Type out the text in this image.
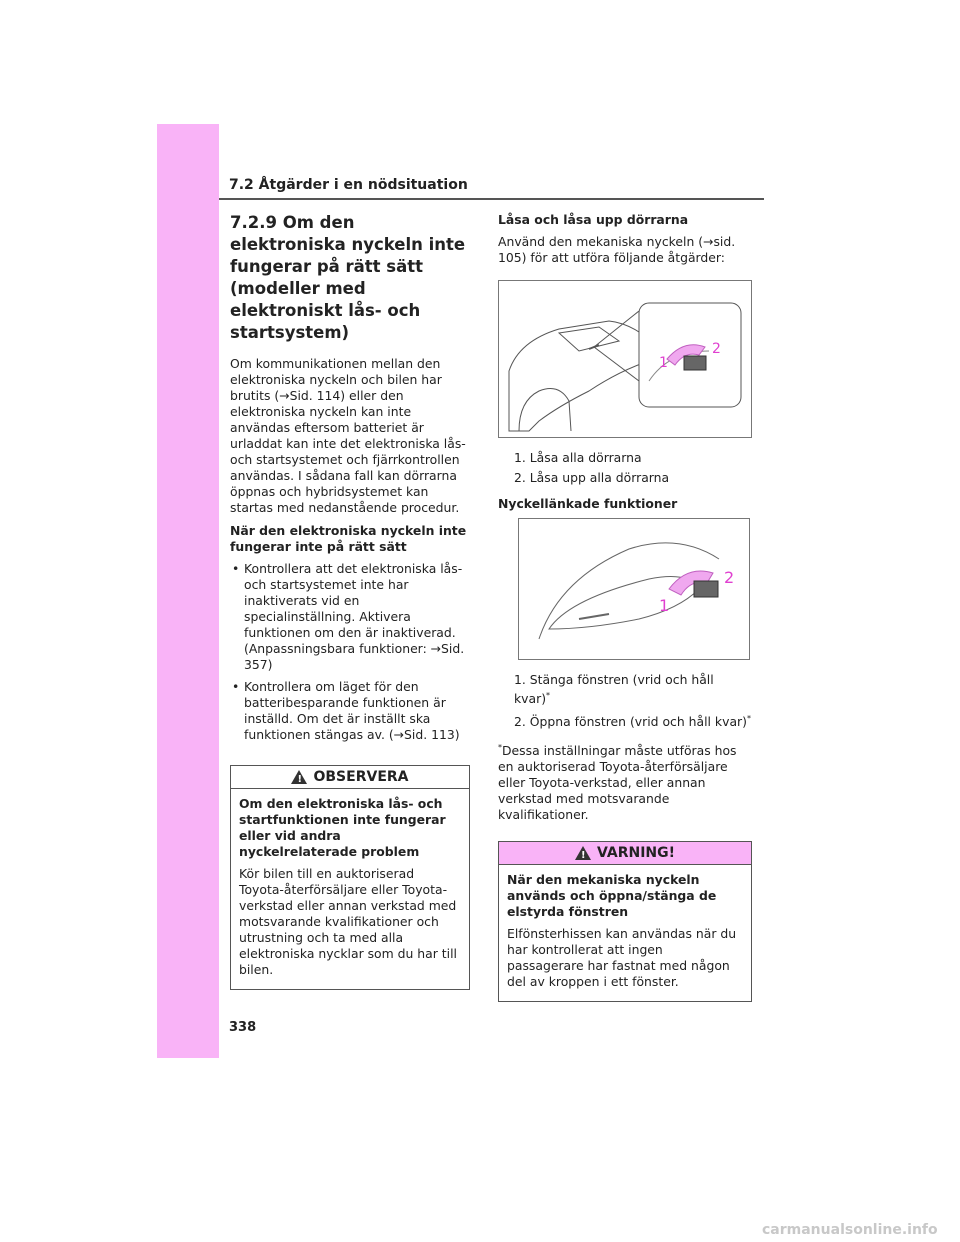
7.2 Åtgärder i en nödsituation
7.2.9 Om den elektroniska nyckeln inte fungerar på rätt sätt (modeller med elektroniskt lås- och startsystem)

Om kommunikationen mellan den elektroniska nyckeln och bilen har brutits (→Sid. 114) eller den elektroniska nyckeln kan inte användas eftersom batteriet är urladdat kan inte det elektroniska lås- och startsystemet och fjärrkontrollen användas. I sådana fall kan dörrarna öppnas och hybridsystemet kan startas med nedanstående procedur.

När den elektroniska nyckeln inte fungerar inte på rätt sätt

• Kontrollera att det elektroniska lås- och startsystemet inte har inaktiverats vid en specialinställning. Aktivera funktionen om den är inaktiverad. (Anpassningsbara funktioner: →Sid. 357)
• Kontrollera om läget för den batteribesparande funktionen är inställd. Om det är inställt ska funktionen stängas av. (→Sid. 113)
!
OBSERVERA

Om den elektroniska lås- och startfunktionen inte fungerar eller vid andra nyckelrelaterade problem

Kör bilen till en auktoriserad Toyota-återförsäljare eller Toyota-verkstad eller annan verkstad med motsvarande kvalifikationer och utrustning och ta med alla elektroniska nycklar som du har till bilen.

Låsa och låsa upp dörrarna

Använd den mekaniska nyckeln (→sid. 105) för att utföra följande åtgärder:

1
2
1. Låsa alla dörrarna
2. Låsa upp alla dörrarna

Nyckellänkade funktioner

1
2
1. Stänga fönstren (vrid och håll kvar)*
2. Öppna fönstren (vrid och håll kvar)*

*Dessa inställningar måste utföras hos en auktoriserad Toyota-återförsäljare eller Toyota-verkstad, eller annan verkstad med motsvarande kvalifikationer.

!
VARNING!

När den mekaniska nyckeln används och öppna/stänga de elstyrda fönstren

Elfönsterhissen kan användas när du har kontrollerat att ingen passagerare har fastnat med någon del av kroppen i ett fönster.

338
carmanualsonline.info
